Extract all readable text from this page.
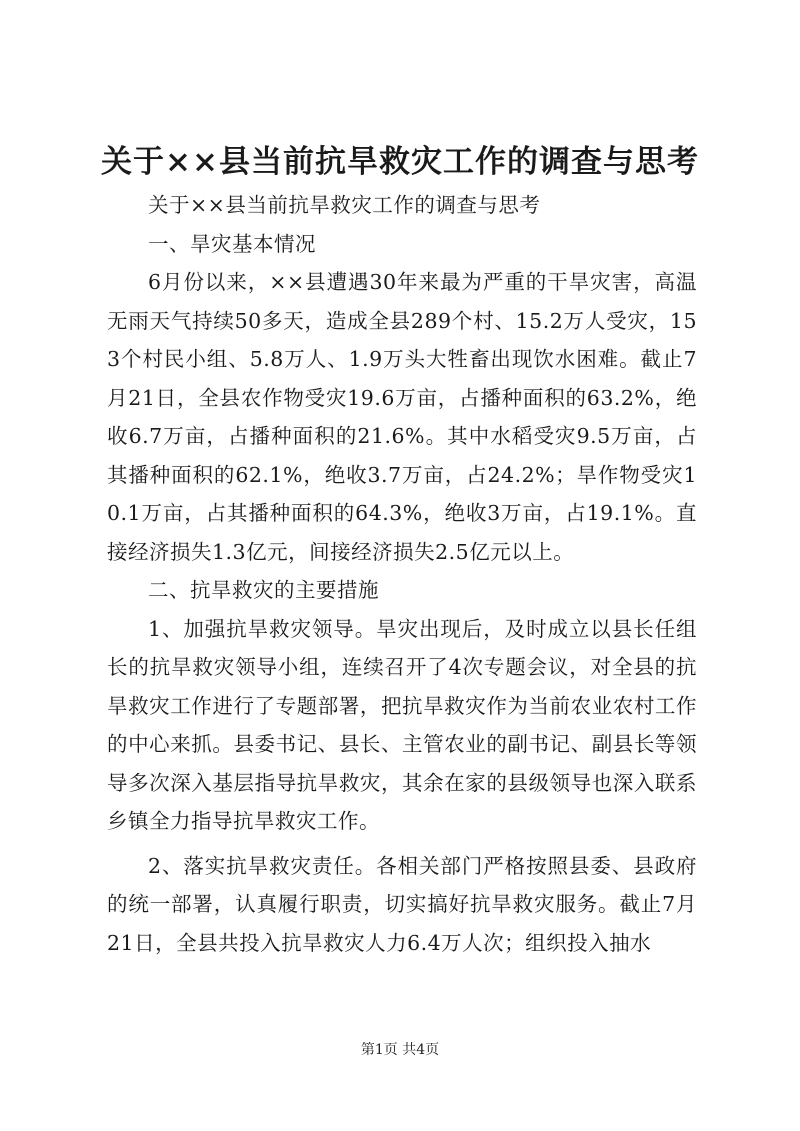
关于××县当前抗旱救灾工作的调查与思考

关于××县当前抗旱救灾工作的调查与思考

一、旱灾基本情况

6月份以来，××县遭遇30年来最为严重的干旱灾害，高温无雨天气持续50多天，造成全县289个村、15.2万人受灾，153个村民小组、5.8万人、1.9万头大牲畜出现饮水困难。截止7月21日，全县农作物受灾19.6万亩，占播种面积的63.2%，绝收6.7万亩，占播种面积的21.6%。其中水稻受灾9.5万亩，占其播种面积的62.1%，绝收3.7万亩，占24.2%；旱作物受灾10.1万亩，占其播种面积的64.3%，绝收3万亩，占19.1%。直接经济损失1.3亿元，间接经济损失2.5亿元以上。

二、抗旱救灾的主要措施

1、加强抗旱救灾领导。旱灾出现后，及时成立以县长任组长的抗旱救灾领导小组，连续召开了4次专题会议，对全县的抗旱救灾工作进行了专题部署，把抗旱救灾作为当前农业农村工作的中心来抓。县委书记、县长、主管农业的副书记、副县长等领导多次深入基层指导抗旱救灾，其余在家的县级领导也深入联系乡镇全力指导抗旱救灾工作。

2、落实抗旱救灾责任。各相关部门严格按照县委、县政府的统一部署，认真履行职责，切实搞好抗旱救灾服务。截止7月21日，全县共投入抗旱救灾人力6.4万人次；组织投入抽水

第1页 共4页
